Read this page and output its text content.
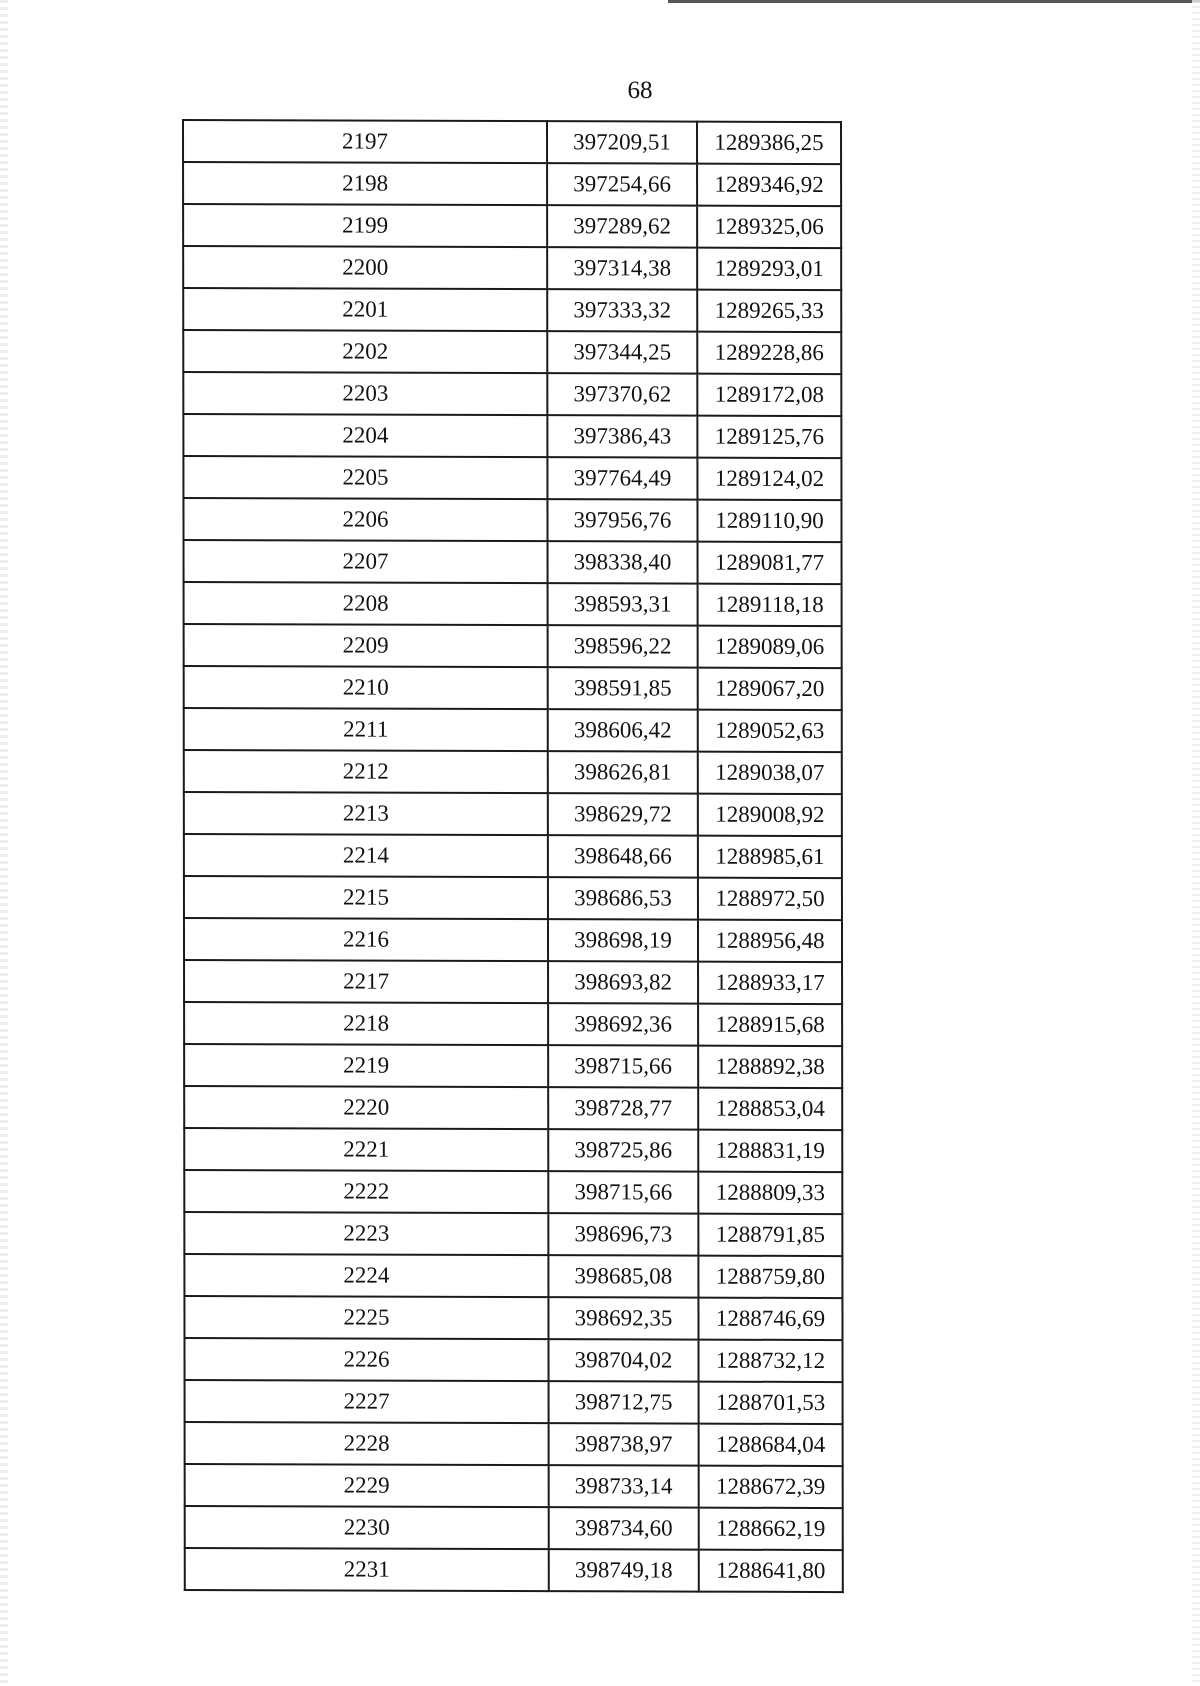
68
2197	397209,51	1289386,25
2198	397254,66	1289346,92
2199	397289,62	1289325,06
2200	397314,38	1289293,01
2201	397333,32	1289265,33
2202	397344,25	1289228,86
2203	397370,62	1289172,08
2204	397386,43	1289125,76
2205	397764,49	1289124,02
2206	397956,76	1289110,90
2207	398338,40	1289081,77
2208	398593,31	1289118,18
2209	398596,22	1289089,06
2210	398591,85	1289067,20
2211	398606,42	1289052,63
2212	398626,81	1289038,07
2213	398629,72	1289008,92
2214	398648,66	1288985,61
2215	398686,53	1288972,50
2216	398698,19	1288956,48
2217	398693,82	1288933,17
2218	398692,36	1288915,68
2219	398715,66	1288892,38
2220	398728,77	1288853,04
2221	398725,86	1288831,19
2222	398715,66	1288809,33
2223	398696,73	1288791,85
2224	398685,08	1288759,80
2225	398692,35	1288746,69
2226	398704,02	1288732,12
2227	398712,75	1288701,53
2228	398738,97	1288684,04
2229	398733,14	1288672,39
2230	398734,60	1288662,19
2231	398749,18	1288641,80
